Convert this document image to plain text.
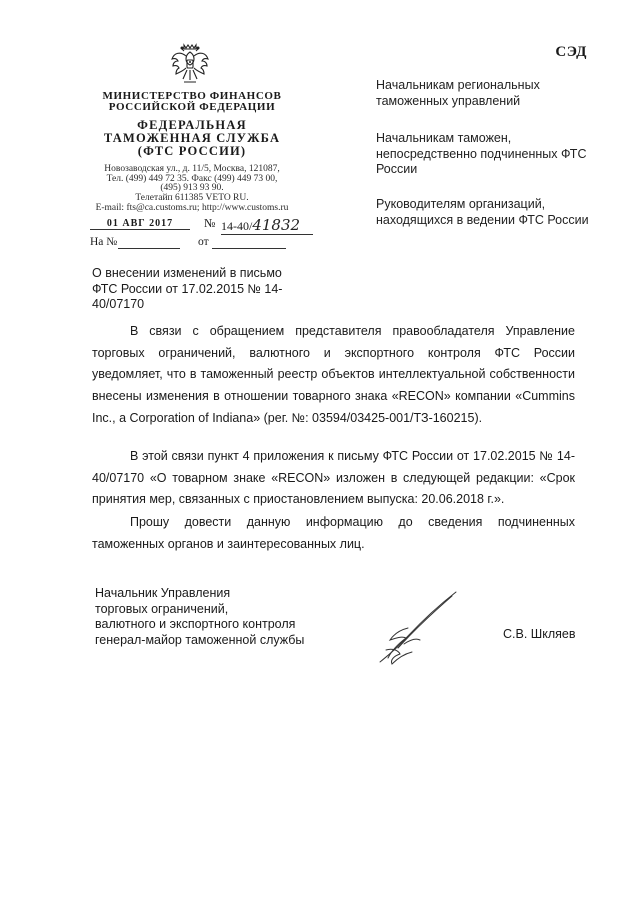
СЭД
МИНИСТЕРСТВО ФИНАНСОВ
РОССИЙСКОЙ ФЕДЕРАЦИИ
ФЕДЕРАЛЬНАЯ
ТАМОЖЕННАЯ СЛУЖБА
(ФТС РОССИИ)
Новозаводская ул., д. 11/5, Москва, 121087,
Тел. (499) 449 72 35. Факс (499) 449 73 00,
(495) 913 93 90.
Телетайп 611385 VETO RU.
E-mail: fts@ca.customs.ru; http://www.customs.ru
01 АВГ 2017	№ 14-40/41832
На №	от
Начальникам региональных таможенных управлений
Начальникам таможен, непосредственно подчиненных ФТС России
Руководителям организаций, находящихся в ведении ФТС России
О внесении изменений в письмо ФТС России от 17.02.2015 № 14-40/07170
В связи с обращением представителя правообладателя Управление торговых ограничений, валютного и экспортного контроля ФТС России уведомляет, что в таможенный реестр объектов интеллектуальной собственности внесены изменения в отношении товарного знака «RECON» компании «Cummins Inc., a Corporation of Indiana» (рег. №: 03594/03425-001/ТЗ-160215).
В этой связи пункт 4 приложения к письму ФТС России от 17.02.2015 № 14-40/07170 «О товарном знаке «RECON» изложен в следующей редакции: «Срок принятия мер, связанных с приостановлением выпуска: 20.06.2018 г.».
Прошу довести данную информацию до сведения подчиненных таможенных органов и заинтересованных лиц.
Начальник Управления
торговых ограничений,
валютного и экспортного контроля
генерал-майор таможенной службы	С.В. Шкляев
